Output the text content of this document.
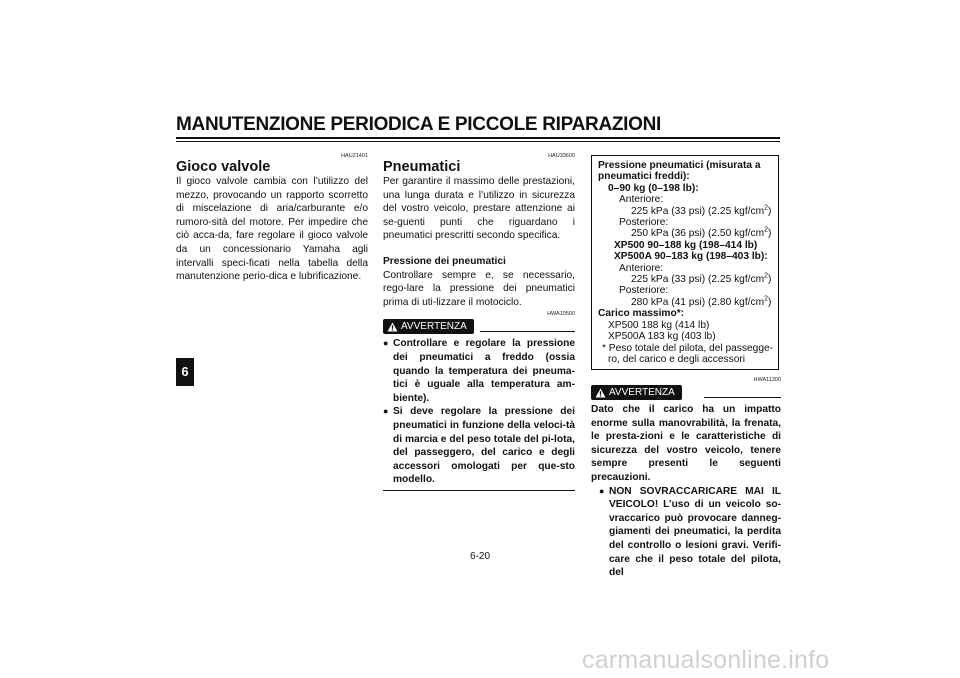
MANUTENZIONE PERIODICA E PICCOLE RIPARAZIONI
6
HAU21401
Gioco valvole

Il gioco valvole cambia con l’utilizzo del mezzo, provocando un rapporto scorretto di miscelazione di aria/carburante e/o rumoro-sità del motore. Per impedire che ciò acca-da, fare regolare il gioco valvole da un concessionario Yamaha agli intervalli speci-ficati nella tabella della manutenzione perio-dica e lubrificazione.

HAU33600
Pneumatici

Per garantire il massimo delle prestazioni, una lunga durata e l’utilizzo in sicurezza del vostro veicolo, prestare attenzione ai se-guenti punti che riguardano i pneumatici prescritti secondo specifica.

Pressione dei pneumatici

Controllare sempre e, se necessario, rego-lare la pressione dei pneumatici prima di uti-lizzare il motociclo.

HWA10500
AVVERTENZA
● Controllare e regolare la pressione dei pneumatici a freddo (ossia quando la temperatura dei pneuma-tici è uguale alla temperatura am-biente).
● Si deve regolare la pressione dei pneumatici in funzione della veloci-tà di marcia e del peso totale del pi-lota, del passeggero, del carico e degli accessori omologati per que-sto modello.
Pressione pneumatici (misurata a
pneumatici freddi):
0–90 kg (0–198 lb):
Anteriore:
225 kPa (33 psi) (2.25 kgf/$cm^2$)
Posteriore:
250 kPa (36 psi) (2.50 kgf/$cm^2$)
XP500 90–188 kg (198–414 lb)
XP500A 90–183 kg (198–403 lb):
Anteriore:
225 kPa (33 psi) (2.25 kgf/$cm^2$)
Posteriore:
280 kPa (41 psi) (2.80 kgf/$cm^2$)
Carico massimo*:
XP500 188 kg (414 lb)
XP500A 183 kg (403 lb)
* Peso totale del pilota, del passegge-
ro, del carico e degli accessori
HWA11200
AVVERTENZA

Dato che il carico ha un impatto enorme sulla manovrabilità, la frenata, le presta-zioni e le caratteristiche di sicurezza del vostro veicolo, tenere sempre presenti le seguenti precauzioni.

● NON SOVRACCARICARE MAI IL VEICOLO! L’uso di un veicolo so-vraccarico può provocare danneg-giamenti dei pneumatici, la perdita del controllo o lesioni gravi. Verifi-care che il peso totale del pilota, del
6-20
carmanualsonline.info
